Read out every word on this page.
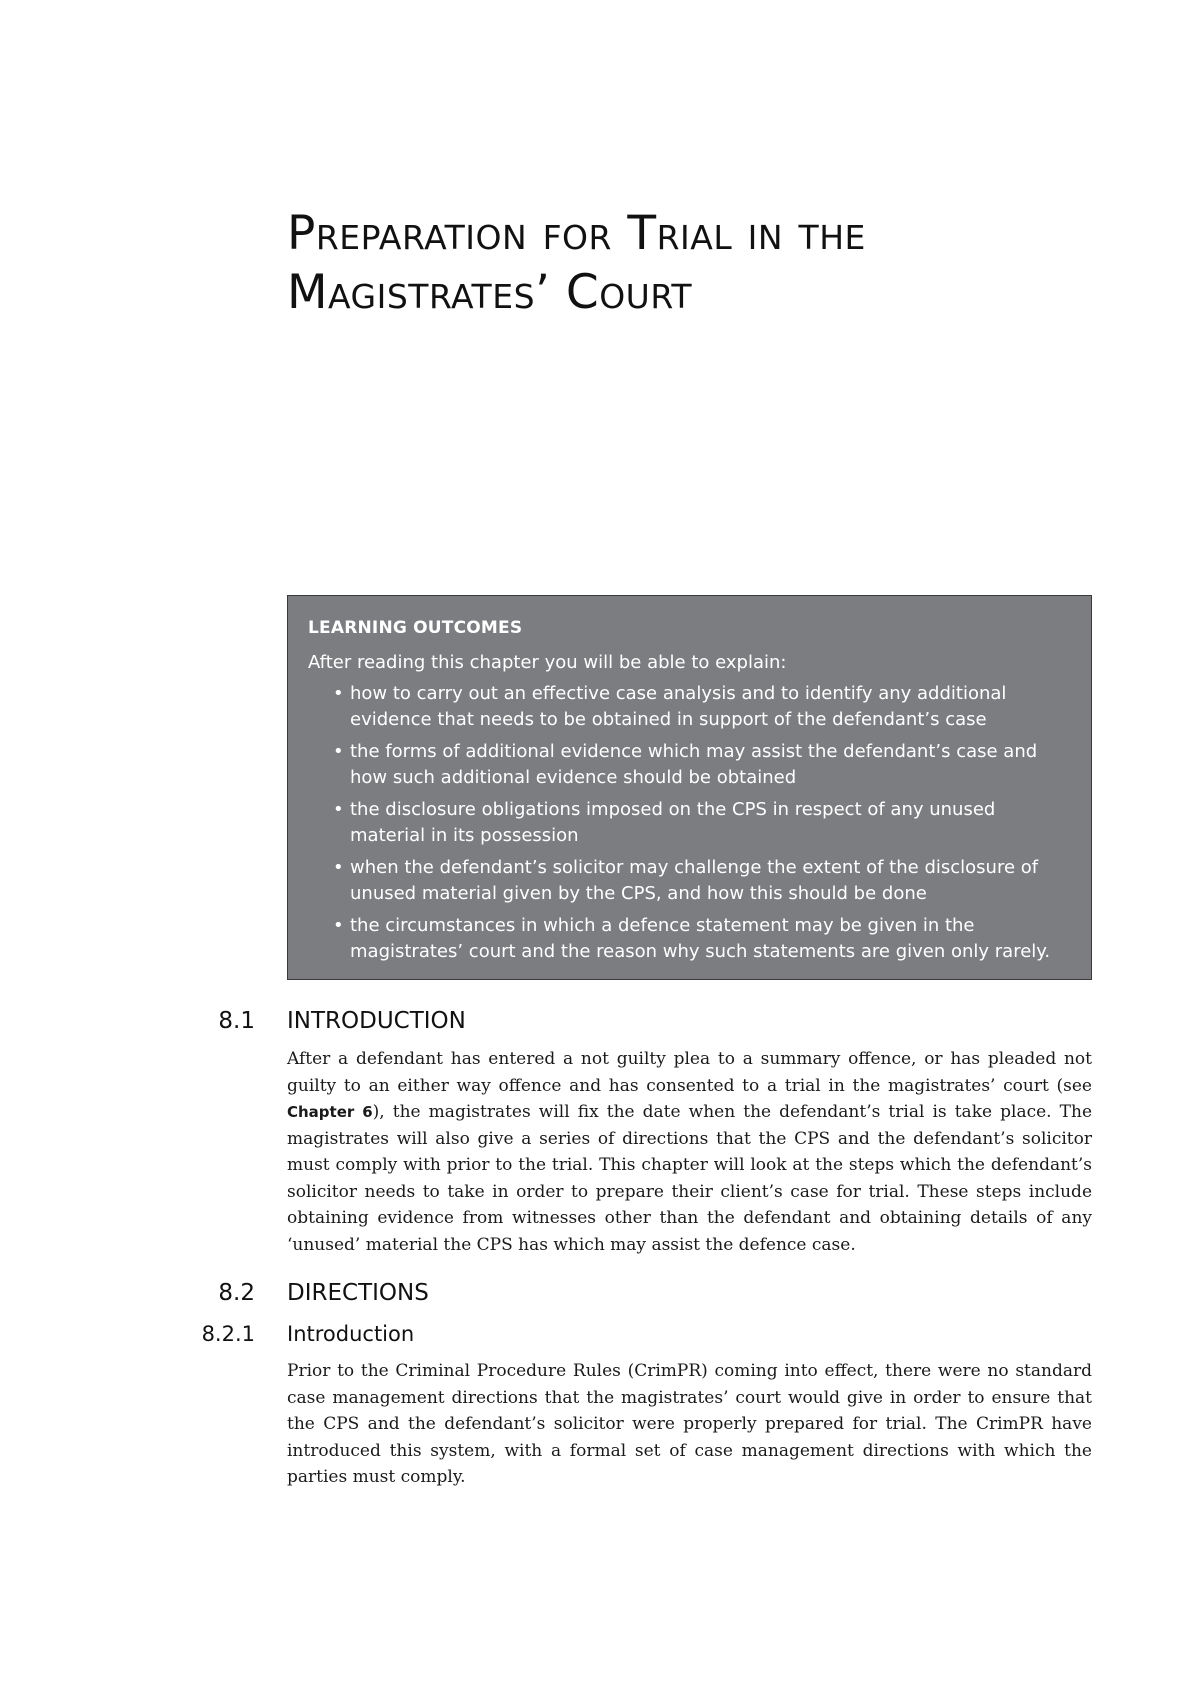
Preparation for Trial in the
Magistrates’ Court
LEARNING OUTCOMES
After reading this chapter you will be able to explain:
• how to carry out an effective case analysis and to identify any additional evidence that needs to be obtained in support of the defendant’s case
• the forms of additional evidence which may assist the defendant’s case and how such additional evidence should be obtained
• the disclosure obligations imposed on the CPS in respect of any unused material in its possession
• when the defendant’s solicitor may challenge the extent of the disclosure of unused material given by the CPS, and how this should be done
• the circumstances in which a defence statement may be given in the magistrates’ court and the reason why such statements are given only rarely.
8.1 INTRODUCTION

After a defendant has entered a not guilty plea to a summary offence, or has pleaded not guilty to an either way offence and has consented to a trial in the magistrates’ court (see Chapter 6), the magistrates will fix the date when the defendant’s trial is take place. The magistrates will also give a series of directions that the CPS and the defendant’s solicitor must comply with prior to the trial. This chapter will look at the steps which the defendant’s solicitor needs to take in order to prepare their client’s case for trial. These steps include obtaining evidence from witnesses other than the defendant and obtaining details of any ‘unused’ material the CPS has which may assist the defence case.

8.2 DIRECTIONS
8.2.1 Introduction

Prior to the Criminal Procedure Rules (CrimPR) coming into effect, there were no standard case management directions that the magistrates’ court would give in order to ensure that the CPS and the defendant’s solicitor were properly prepared for trial. The CrimPR have introduced this system, with a formal set of case management directions with which the parties must comply.
